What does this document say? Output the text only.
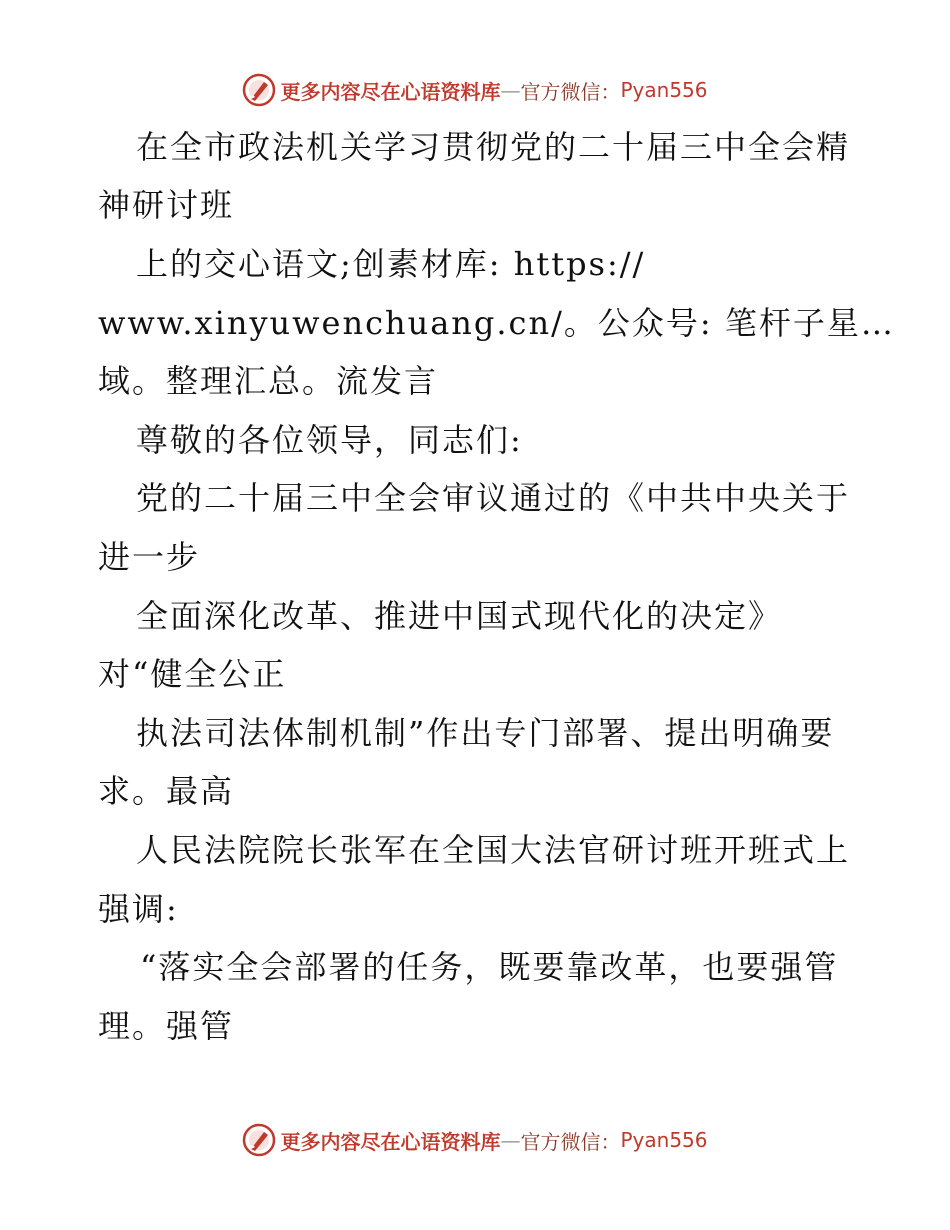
更多内容尽在心语资料库 — 官方微信： Pyan556
在全市政法机关学习贯彻党的二十届三中全会精
神研讨班
上的交心语文;创素材库: https://
www.xinyuwenchuang.cn/。公众号: 笔杆子星…
域。整理汇总。流发言
尊敬的各位领导，同志们:
党的二十届三中全会审议通过的《中共中央关于
进一步
全面深化改革、推进中国式现代化的决定》
对“健全公正
执法司法体制机制”作出专门部署、提出明确要
求。最高
人民法院院长张军在全国大法官研讨班开班式上
强调:
“落实全会部署的任务，既要靠改革，也要强管
理。强管
更多内容尽在心语资料库 — 官方微信： Pyan556
